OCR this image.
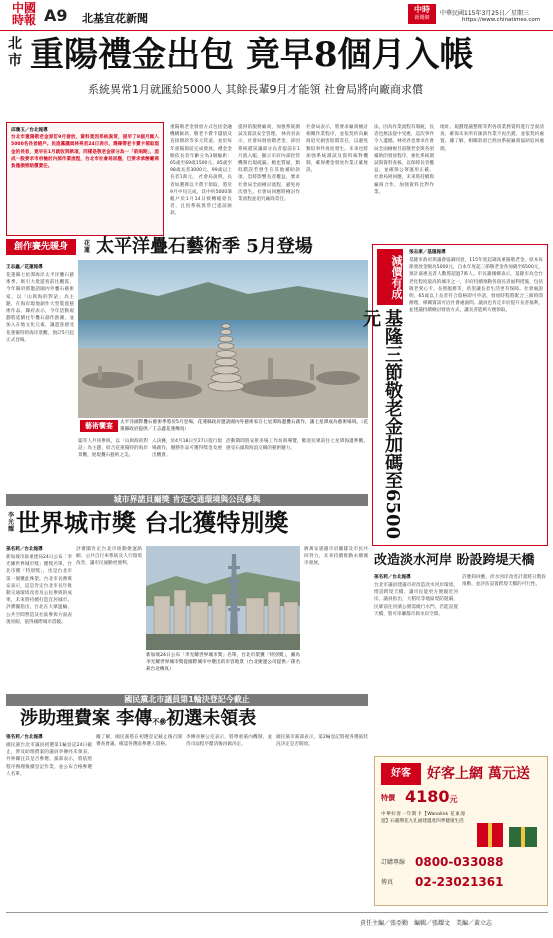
中國
時報 A9 北基宜花新聞
中時
新聞網
中華民國115年3月25日／星期三
https://www.chinatimes.com
北市 重陽禮金出包 竟早8個月入帳
系統異常1月就匯給5000人 其餘長輩9月才能領 社會局將向廠商求償
邱瓊玉／台北報導
台北市重陽敬老金原訂9月發放，資料竟因系統異常，提早了8個月匯入5000名長者帳戶。民進黨議員林亮君24日表示，選擇帶老卡費卡領取現金的長者，竟早在1月就收到款項，同樣是敬老金卻分為一「前兩期」，造成一般要求市府檢討內部作業流程，台北市社會局回應，已要求承辦廠商負擔損害賠償責任。
重陽敬老金發放方式包括金融機構匯款、敬老卡費卡儲值及直接撥款等多元管道，並於每年重陽節前完成發放。禮金金額依長者年齡分為3個級距：65歲至69歲1500元、85歲至98歲長者3000元、99歲以上長者1萬元。 社會局說明，長者如選擇以卡費卡領取，將於9月中旬完成，其中約5000筆帳戶於1月14日被轉帳給長者，且因系統異常已提前匯款。
提供的服務廠商，加強系統測試及資訊安全管理。 林亮君表示，社會局發放敬老金，卻因系統錯誤讓部分長者提前在1月就入帳，顯示市府內部控管機制出現疏漏。她也質疑，類似錯誤若發生在其他補助款項，恐將影響長者權益，要求社會局全面檢討流程，避免再次發生。社會局回應將檢討作業流程並追究廠商責任。
社會局表示，將要求廠商檢討相關作業程序，並依契約向廠商追究損害賠償責任，以避免類似事件再度發生。未來也將加強系統測試及資料核對機制，確保禮金發放作業正確無誤。
法，因為作業流程有瑕疵，長者也無法從中受惠，這次事件令人遺憾。林亮君也要求社會局全面檢視目前敬老金與各項補助的發放程序，強化系統測試與資料查核，以保障長者權益，並確保公帑運用正確。 社會局則回應，未來將持續與廠商合作，加強資料比對作業。
地址、規劃建議整理等對各項業務資料進行全面清查，確保未來所有匯款作業不再出錯，並依契約處置。據了解，相關款項已經由系統廠商協助追回處理。
創作賽先暖身	花蓮 太平洋疊石藝術季 5月登場
王志鑫／花蓮報導
花蓮縣七星潭海岸太平洋疊石藝術季，吸引大批遊客前往觀賞，今年縣府將邀請國內外疊石藝術家，以「山與海的對話」為主題，在海岸現地創作大型裝置藝術作品。縣府表示，今年活動規劃將延續往年疊石創作熱潮，並加入在地文化元素，讓遊客感受花蓮獨特的海岸景觀，預計5月起正式登場。
藝術饗宴	太平洋國際疊石藝術季將於5月登場，花蓮縣政府邀請國內外藝術家在七星潭海邊疊石創作，讓七星潭成為藝術場域。（花蓮縣政府提供／王志鑫花蓮傳真）
築等人共同參與，以「山與海的對話」為主題，結合花蓮獨特的海岸景觀，展現疊石藝術之美。
入決賽，於4月18日至27日進行現場創作，優勝作品可獲得獎金及展出機會。
活動期間將安排多場工作坊與導覽，歡迎民眾前往七星潭海邊參觀，感受石頭與海浪交織的藝術魅力。
減價有成
基隆三節敬老金加碼至6500元
張志康／基隆報導
基隆市政府與議會協調同意，115年度起調高重陽敬老金，原本每節發放金額為5000元，自本年度起三節敬老金各加碼至6500元，預計嘉惠長者人數將超過7萬人。市長謝國樑表示，基隆市為全台老化程度最高的城市之一，市府持續推動各項長者福利措施，包括敬老愛心卡、長照服務等，希望讓長者生活更有保障。社會處說明，65歲以上長者符合資格即可申請，發放時程將配合三節時間辦理，相關資訊可洽社會處詢問。議員也肯定市府提升長者福利，並建議持續檢討發放方式，讓長者能夠方便領取。
城市界諾貝爾獎 肯定交通環境與公民參與
李光耀 世界城市獎 台北獲特別獎
孫名莉／台北報導
新加坡市區重建局24日公布「李光耀世界城市獎」獲獎名單，台北市獲「特別獎」，也是台北市第一個獲此殊榮。台北市長蔣萬安表示，這是肯定台北市長年推動交通環境改善及公民參與的成果，未來將持續打造宜居城市。評審團指出，台北在大眾運輸、公共空間營造及社區參與方面表現亮眼，值得國際城市借鏡。
評審團肯定台北市推動捷運路網、公共自行車系統及人行環境改善，讓市民通勤更便利。
蔣萬安感謝市府團隊及市民共同努力，未來持續推動永續城市發展。
新加坡24日公布「李光耀世界城市獎」名單，台北市榮獲「特別獎」，圖為李光耀世界城市獎從國際城市中選出的市容地景（台北捷運公司提供／孫名莉台北傳真）
改造淡水河岸 盼設跨堤天橋
孫名莉／台北報導
台北市議員建議市府改造淡水河岸環境，增設跨堤天橋，讓市民能更方便親近河岸。議員指出，大稻埕等地區堤防阻隔，民眾前往河濱公園需繞行水門，若能設置天橋，將可串聯都市與水岸空間。
許雅鈞回應，淡水河岸改善計畫將分階段推動，並評估設置跨堤天橋的可行性。
國民黨北市議員第1輪決登記今截止
涉助理費案 李傳不參初選未領表
張名莉／台北報導
國民黨台北市議員初選第1輪登記24日截止，涉及助理費案的議員李傳亮未領表，外界關注其是否參選。黨部表示，將依照程序辦理後續登記作業，並公布合格參選人名單。
據了解，國民黨將在初選登記截止後召開審查會議，確認各選區參選人資格。
李傳亮辦公室表示，將尊重黨內機制，並待司法程序釐清後再做決定。
國民黨市黨部表示，第2輪登記將視各選區狀況決定是否開放。
好客	好客上網 萬元送
特價 4180元
中華好客一年期卡【Wanalink 花東漫遊】石臺灣花九孔福建遺產四季健康生活
訂購專線 0800-033088
傳真 02-23021361
責任主編／張亞勤　編輯／張耀文　美編／黃立志
